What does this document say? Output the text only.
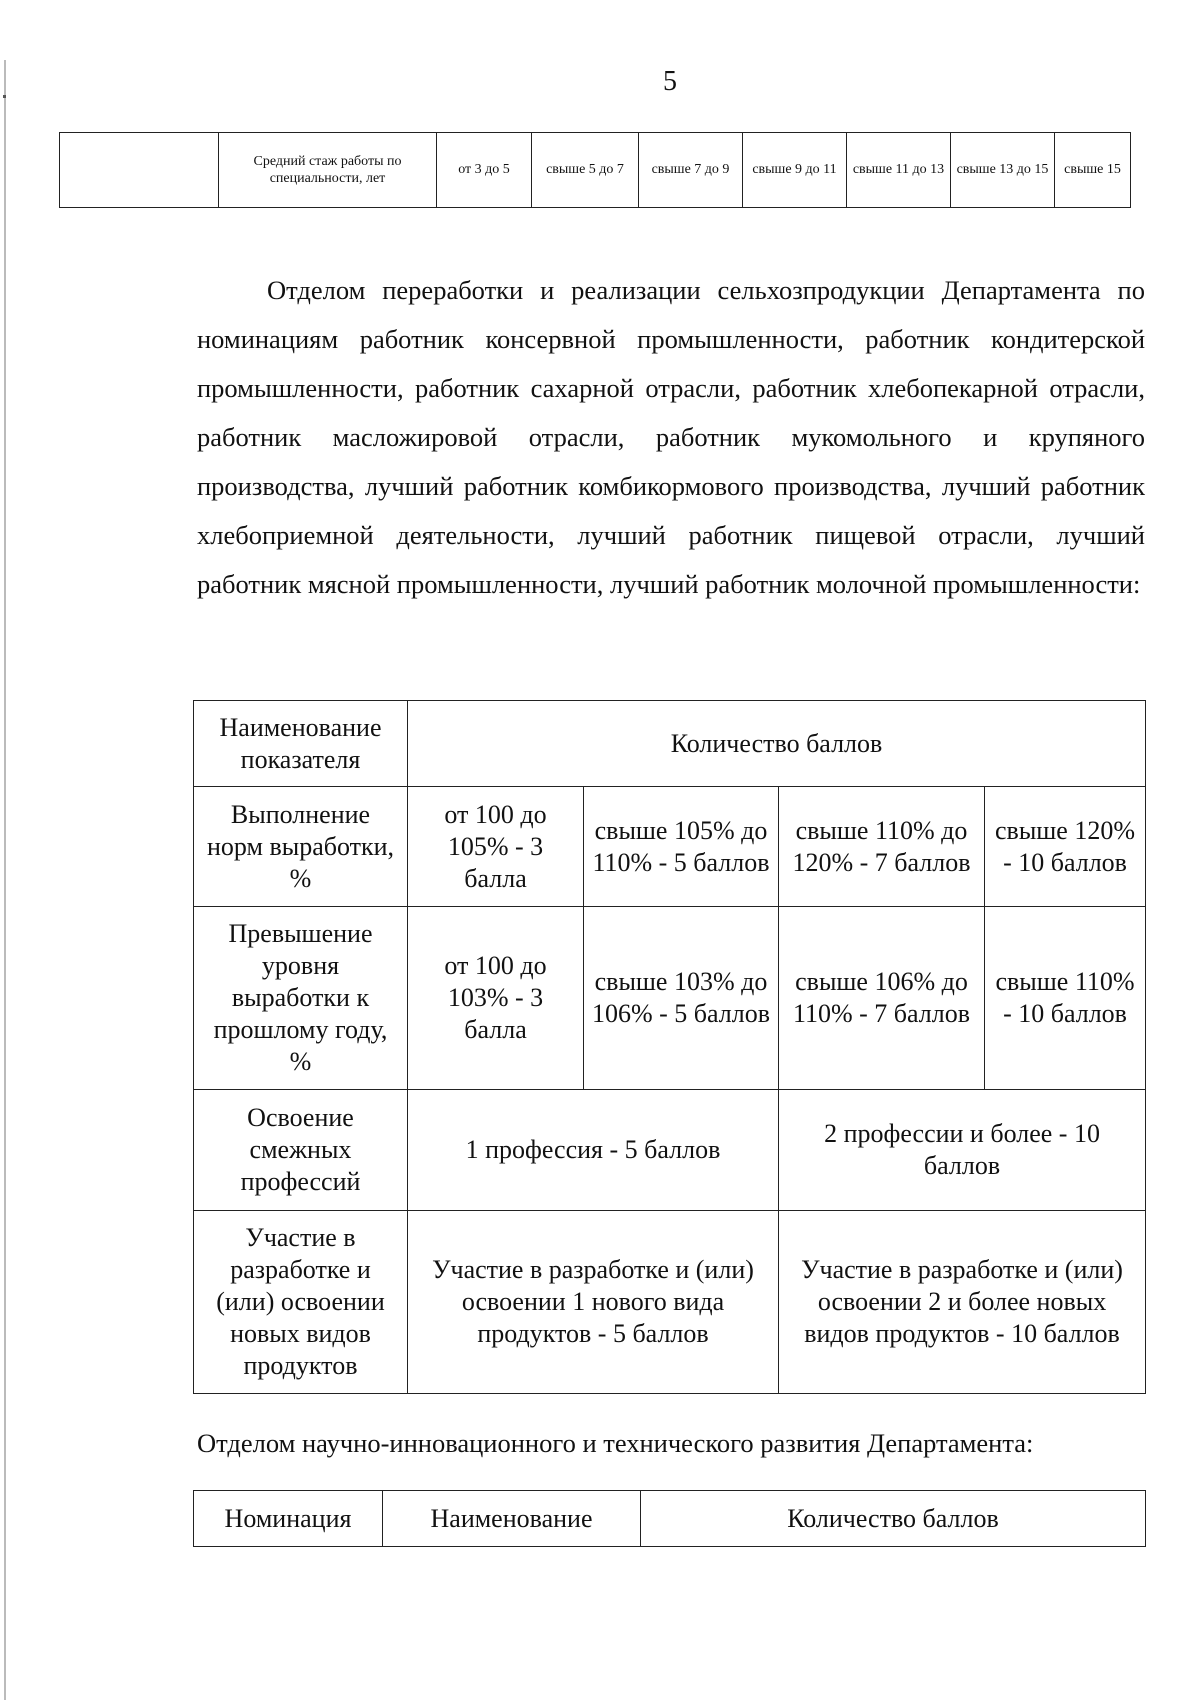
5
	Средний стаж работы по специальности, лет	от 3 до 5	свыше 5 до 7	свыше 7 до 9	свыше 9 до 11	свыше 11 до 13	свыше 13 до 15	свыше 15

Отделом переработки и реализации сельхозпродукции Департамента по номинациям работник консервной промышленности, работник кондитерской промышленности, работник сахарной отрасли, работник хлебопекарной отрасли, работник масложировой отрасли, работник мукомольного и крупяного производства, лучший работник комбикормового производства, лучший работник хлебоприемной деятельности, лучший работник пищевой отрасли, лучший работник мясной промышленности, лучший работник молочной промышленности:

Наименование показателя	Количество баллов			
Выполнение норм выработки, %	от 100 до 105% - 3 балла	свыше 105% до 110% - 5 баллов	свыше 110% до 120% - 7 баллов	свыше 120% - 10 баллов
Превышение уровня выработки к прошлому году, %	от 100 до 103% - 3 балла	свыше 103% до 106% - 5 баллов	свыше 106% до 110% - 7 баллов	свыше 110% - 10 баллов
Освоение смежных профессий	1 профессия - 5 баллов		2 профессии и более - 10 баллов	
Участие в разработке и (или) освоении новых видов продуктов	Участие в разработке и (или) освоении 1 нового вида продуктов - 5 баллов		Участие в разработке и (или) освоении 2 и более новых видов продуктов - 10 баллов	

Отделом научно-инновационного и технического развития Департамента:

Номинация	Наименование	Количество баллов
